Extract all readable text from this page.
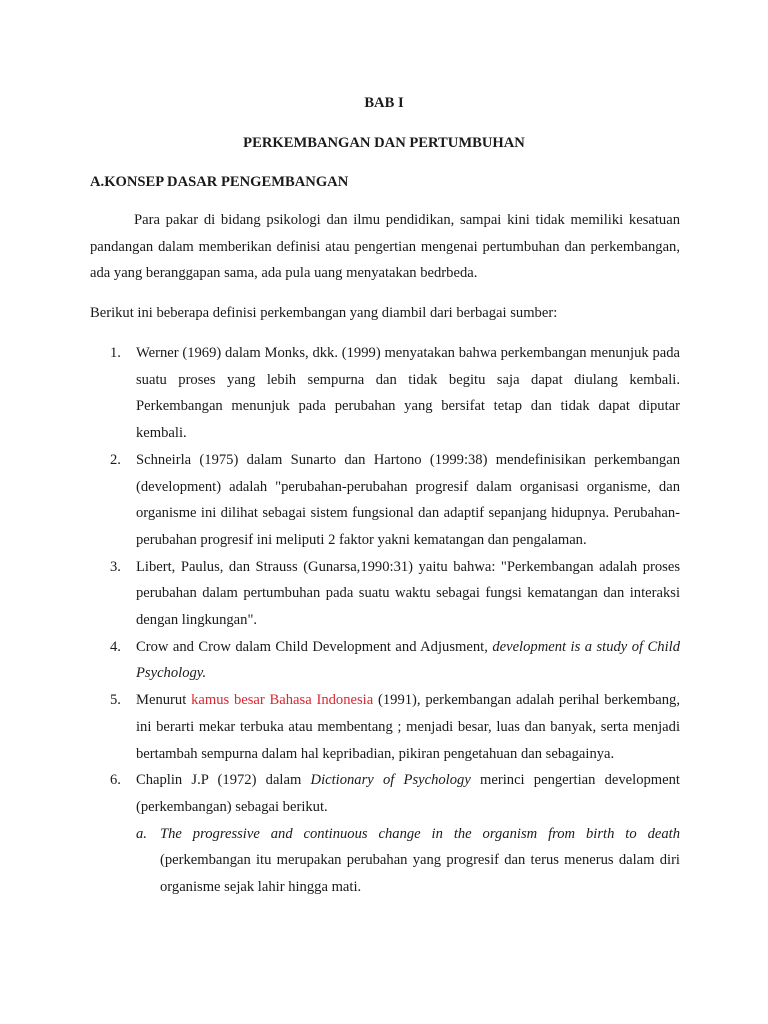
BAB I

PERKEMBANGAN DAN PERTUMBUHAN

A.KONSEP DASAR PENGEMBANGAN

Para pakar di bidang psikologi dan ilmu pendidikan, sampai kini tidak memiliki kesatuan pandangan dalam memberikan definisi atau pengertian mengenai pertumbuhan dan perkembangan, ada yang beranggapan sama, ada pula uang menyatakan bedrbeda.

Berikut ini beberapa definisi perkembangan yang diambil dari berbagai sumber:

1. Werner (1969) dalam Monks, dkk. (1999) menyatakan bahwa perkembangan menunjuk pada suatu proses yang lebih sempurna dan tidak begitu saja dapat diulang kembali. Perkembangan menunjuk pada perubahan yang bersifat tetap dan tidak dapat diputar kembali.
2. Schneirla (1975) dalam Sunarto dan Hartono (1999:38) mendefinisikan perkembangan (development) adalah "perubahan-perubahan progresif dalam organisasi organisme, dan organisme ini dilihat sebagai sistem fungsional dan adaptif sepanjang hidupnya. Perubahan-perubahan progresif ini meliputi 2 faktor yakni kematangan dan pengalaman.
3. Libert, Paulus, dan Strauss (Gunarsa,1990:31) yaitu bahwa: "Perkembangan adalah proses perubahan dalam pertumbuhan pada suatu waktu sebagai fungsi kematangan dan interaksi dengan lingkungan".
4. Crow and Crow dalam Child Development and Adjusment, development is a study of Child Psychology.
5. Menurut kamus besar Bahasa Indonesia (1991), perkembangan adalah perihal berkembang, ini berarti mekar terbuka atau membentang ; menjadi besar, luas dan banyak, serta menjadi bertambah sempurna dalam hal kepribadian, pikiran pengetahuan dan sebagainya.
6. Chaplin J.P (1972) dalam Dictionary of Psychology merinci pengertian development (perkembangan) sebagai berikut.
a. The progressive and continuous change in the organism from birth to death (perkembangan itu merupakan perubahan yang progresif dan terus menerus dalam diri organisme sejak lahir hingga mati.
